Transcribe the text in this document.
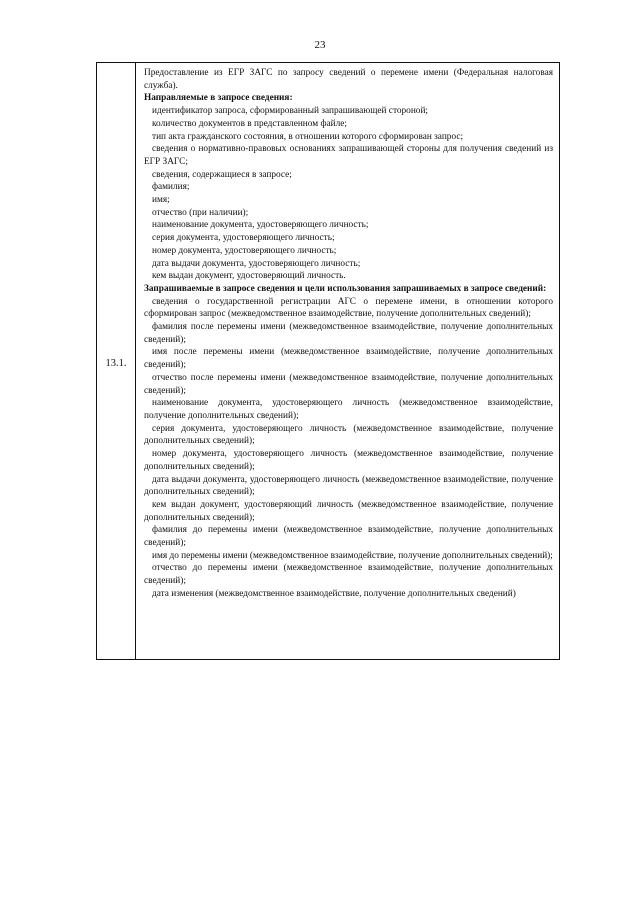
23
13.1.

Предоставление из ЕГР ЗАГС по запросу сведений о перемене имени (Федеральная налоговая служба).

Направляемые в запросе сведения:

идентификатор запроса, сформированный запрашивающей стороной;

количество документов в представленном файле;

тип акта гражданского состояния, в отношении которого сформирован запрос;

сведения о нормативно-правовых основаниях запрашивающей стороны для получения сведений из ЕГР ЗАГС;

сведения, содержащиеся в запросе;

фамилия;

имя;

отчество (при наличии);

наименование документа, удостоверяющего личность;

серия документа, удостоверяющего личность;

номер документа, удостоверяющего личность;

дата выдачи документа, удостоверяющего личность;

кем выдан документ, удостоверяющий личность.

Запрашиваемые в запросе сведения и цели использования запрашиваемых в запросе сведений:

сведения о государственной регистрации АГС о перемене имени, в отношении которого сформирован запрос (межведомственное взаимодействие, получение дополнительных сведений);

фамилия после перемены имени (межведомственное взаимодействие, получение дополнительных сведений);

имя после перемены имени (межведомственное взаимодействие, получение дополнительных сведений);

отчество после перемены имени (межведомственное взаимодействие, получение дополнительных сведений);

наименование документа, удостоверяющего личность (межведомственное взаимодействие, получение дополнительных сведений);

серия документа, удостоверяющего личность (межведомственное взаимодействие, получение дополнительных сведений);

номер документа, удостоверяющего личность (межведомственное взаимодействие, получение дополнительных сведений);

дата выдачи документа, удостоверяющего личность (межведомственное взаимодействие, получение дополнительных сведений);

кем выдан документ, удостоверяющий личность (межведомственное взаимодействие, получение дополнительных сведений);

фамилия до перемены имени (межведомственное взаимодействие, получение дополнительных сведений);

имя до перемены имени (межведомственное взаимодействие, получение дополнительных сведений);

отчество до перемены имени (межведомственное взаимодействие, получение дополнительных сведений);

дата изменения (межведомственное взаимодействие, получение дополнительных сведений)
